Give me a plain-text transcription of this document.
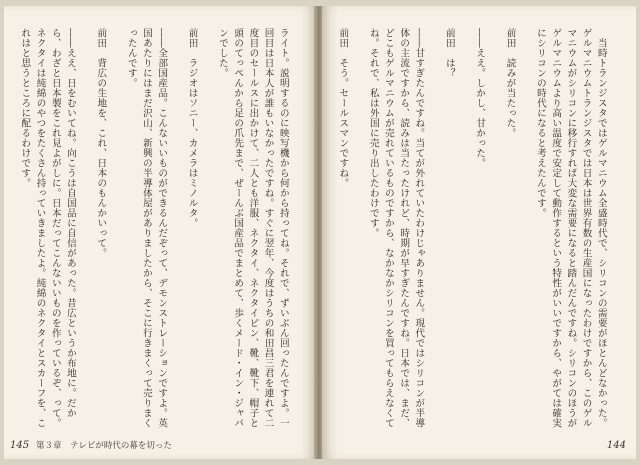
ライト。説明するのに映写機から何から持ってね。それで、ずいぶん回ったんですよ。一回目は日本人が誰もいなかったですね。すぐに翌年、今度はうちの和田昌三君を連れて二度目のセールスに出かけて、二人とも洋服、ネクタイ、ネクタイピン、靴、靴下、帽子と頭のてっぺんから足の爪先まで、ぜーんぶ国産品でまとめて、歩くメード・イン・ジャパンでした。

前田　ラジオはソニー、カメラはミノルタ。

――全部国産品。こんないいものができるんだぞって、デモンストレーションですよ。英国あたりにはまだ沢山、新興の半導体屋がありましたから、そこに行きまくって売りまくったんです。

前田　背広の生地を、これ、日本のもんかいって。

――ええ、日をむいてね。向こうは自国品に自信があった。昔広というか布地に。だから、わざと日本製をこれ見よがしに。日本だってこんないいものを作っているぞ、って。ネクタイは純綿のやつをたくさん持っていきましたよ。純綿のネクタイとスカーフを、これはと思うところに配るわけです。

145 第３章　テレビが時代の幕を切った

　当時トランジスタではゲルマニウム全盛時代で、シリコンの需要がほとんどなかった。ゲルマニウムトランジスタでは日本は世界有数の生産国になったわけですから、このゲルマニウムがシリコンに移行すれば大変な需要になると踏んだんですね。シリコンのほうがゲルマニウムより高い温度で安定して動作するという特性がいいですから、やがては確実にシリコンの時代になると考えたんです。

前田　読みが当たった。

――ええ。しかし、甘かった。

前田　は？

――甘すぎたんですね。当てが外れていたわけじゃありません。現代ではシリコンが半導体の主流ですから、読みは当たったけれど、時期が早すぎたんですね。日本では、まだ、どこもゲルマニウムが売れているものですから、なかなかシリコンを買ってもらえなくてね。それで、私は外国に売り出したわけです。

前田　そう。セールスマンですね。

144
